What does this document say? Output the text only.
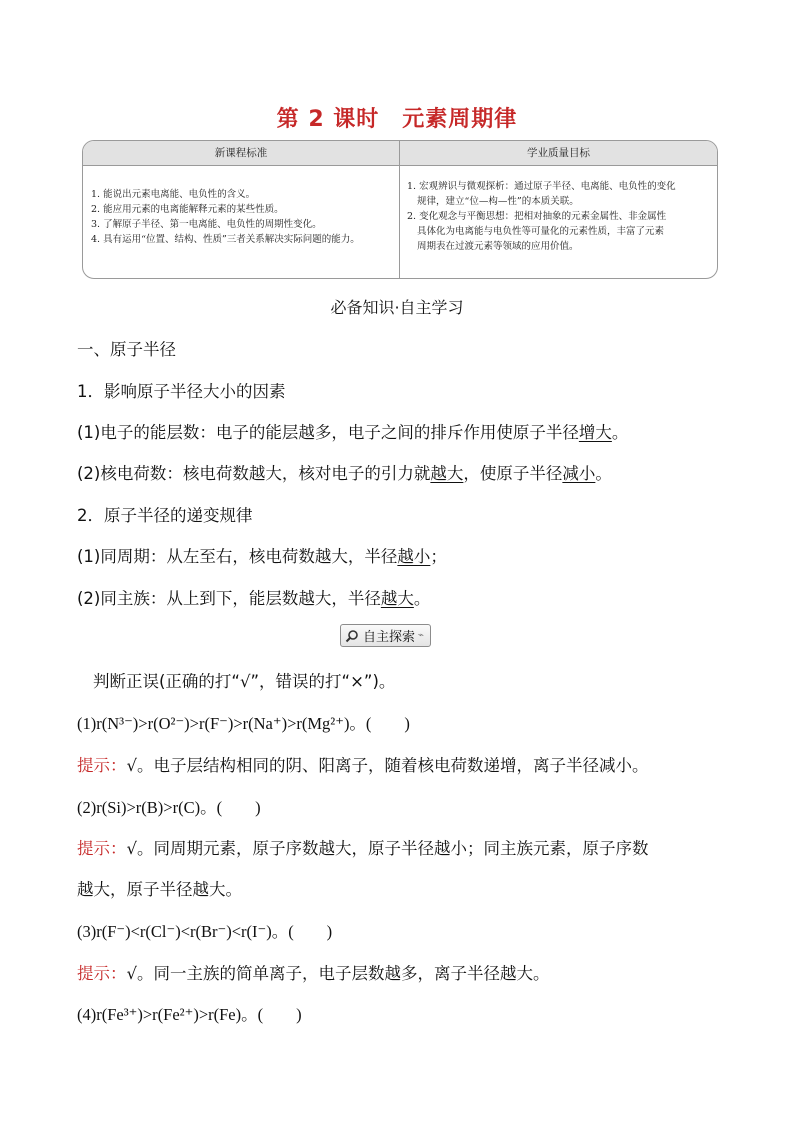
第 2 课时　元素周期律
新课程标准	学业质量目标
1. 能说出元素电离能、电负性的含义。
2. 能应用元素的电离能解释元素的某些性质。
3. 了解原子半径、第一电离能、电负性的周期性变化。
4. 具有运用“位置、结构、性质”三者关系解决实际问题的能力。
1. 宏观辨识与微观探析：通过原子半径、电离能、电负性的变化
规律，建立“位—构—性”的本质关联。
2. 变化观念与平衡思想：把相对抽象的元素金属性、非金属性
具体化为电离能与电负性等可量化的元素性质，丰富了元素
周期表在过渡元素等领域的应用价值。
必备知识·自主学习
一、原子半径
1．影响原子半径大小的因素
(1)电子的能层数：电子的能层越多，电子之间的排斥作用使原子半径增大。
(2)核电荷数：核电荷数越大，核对电子的引力就越大，使原子半径减小。
2．原子半径的递变规律
(1)同周期：从左至右，核电荷数越大，半径越小；
(2)同主族：从上到下，能层数越大，半径越大。
自主探索 ⌁
判断正误(正确的打“√”，错误的打“×”)。
(1)r(N³⁻)>r(O²⁻)>r(F⁻)>r(Na⁺)>r(Mg²⁺)。(　　)
提示：√。电子层结构相同的阴、阳离子，随着核电荷数递增，离子半径减小。
(2)r(Si)>r(B)>r(C)。(　　)
提示：√。同周期元素，原子序数越大，原子半径越小；同主族元素，原子序数
越大，原子半径越大。
(3)r(F⁻)<r(Cl⁻)<r(Br⁻)<r(I⁻)。(　　)
提示：√。同一主族的简单离子，电子层数越多，离子半径越大。
(4)r(Fe³⁺)>r(Fe²⁺)>r(Fe)。(　　)
